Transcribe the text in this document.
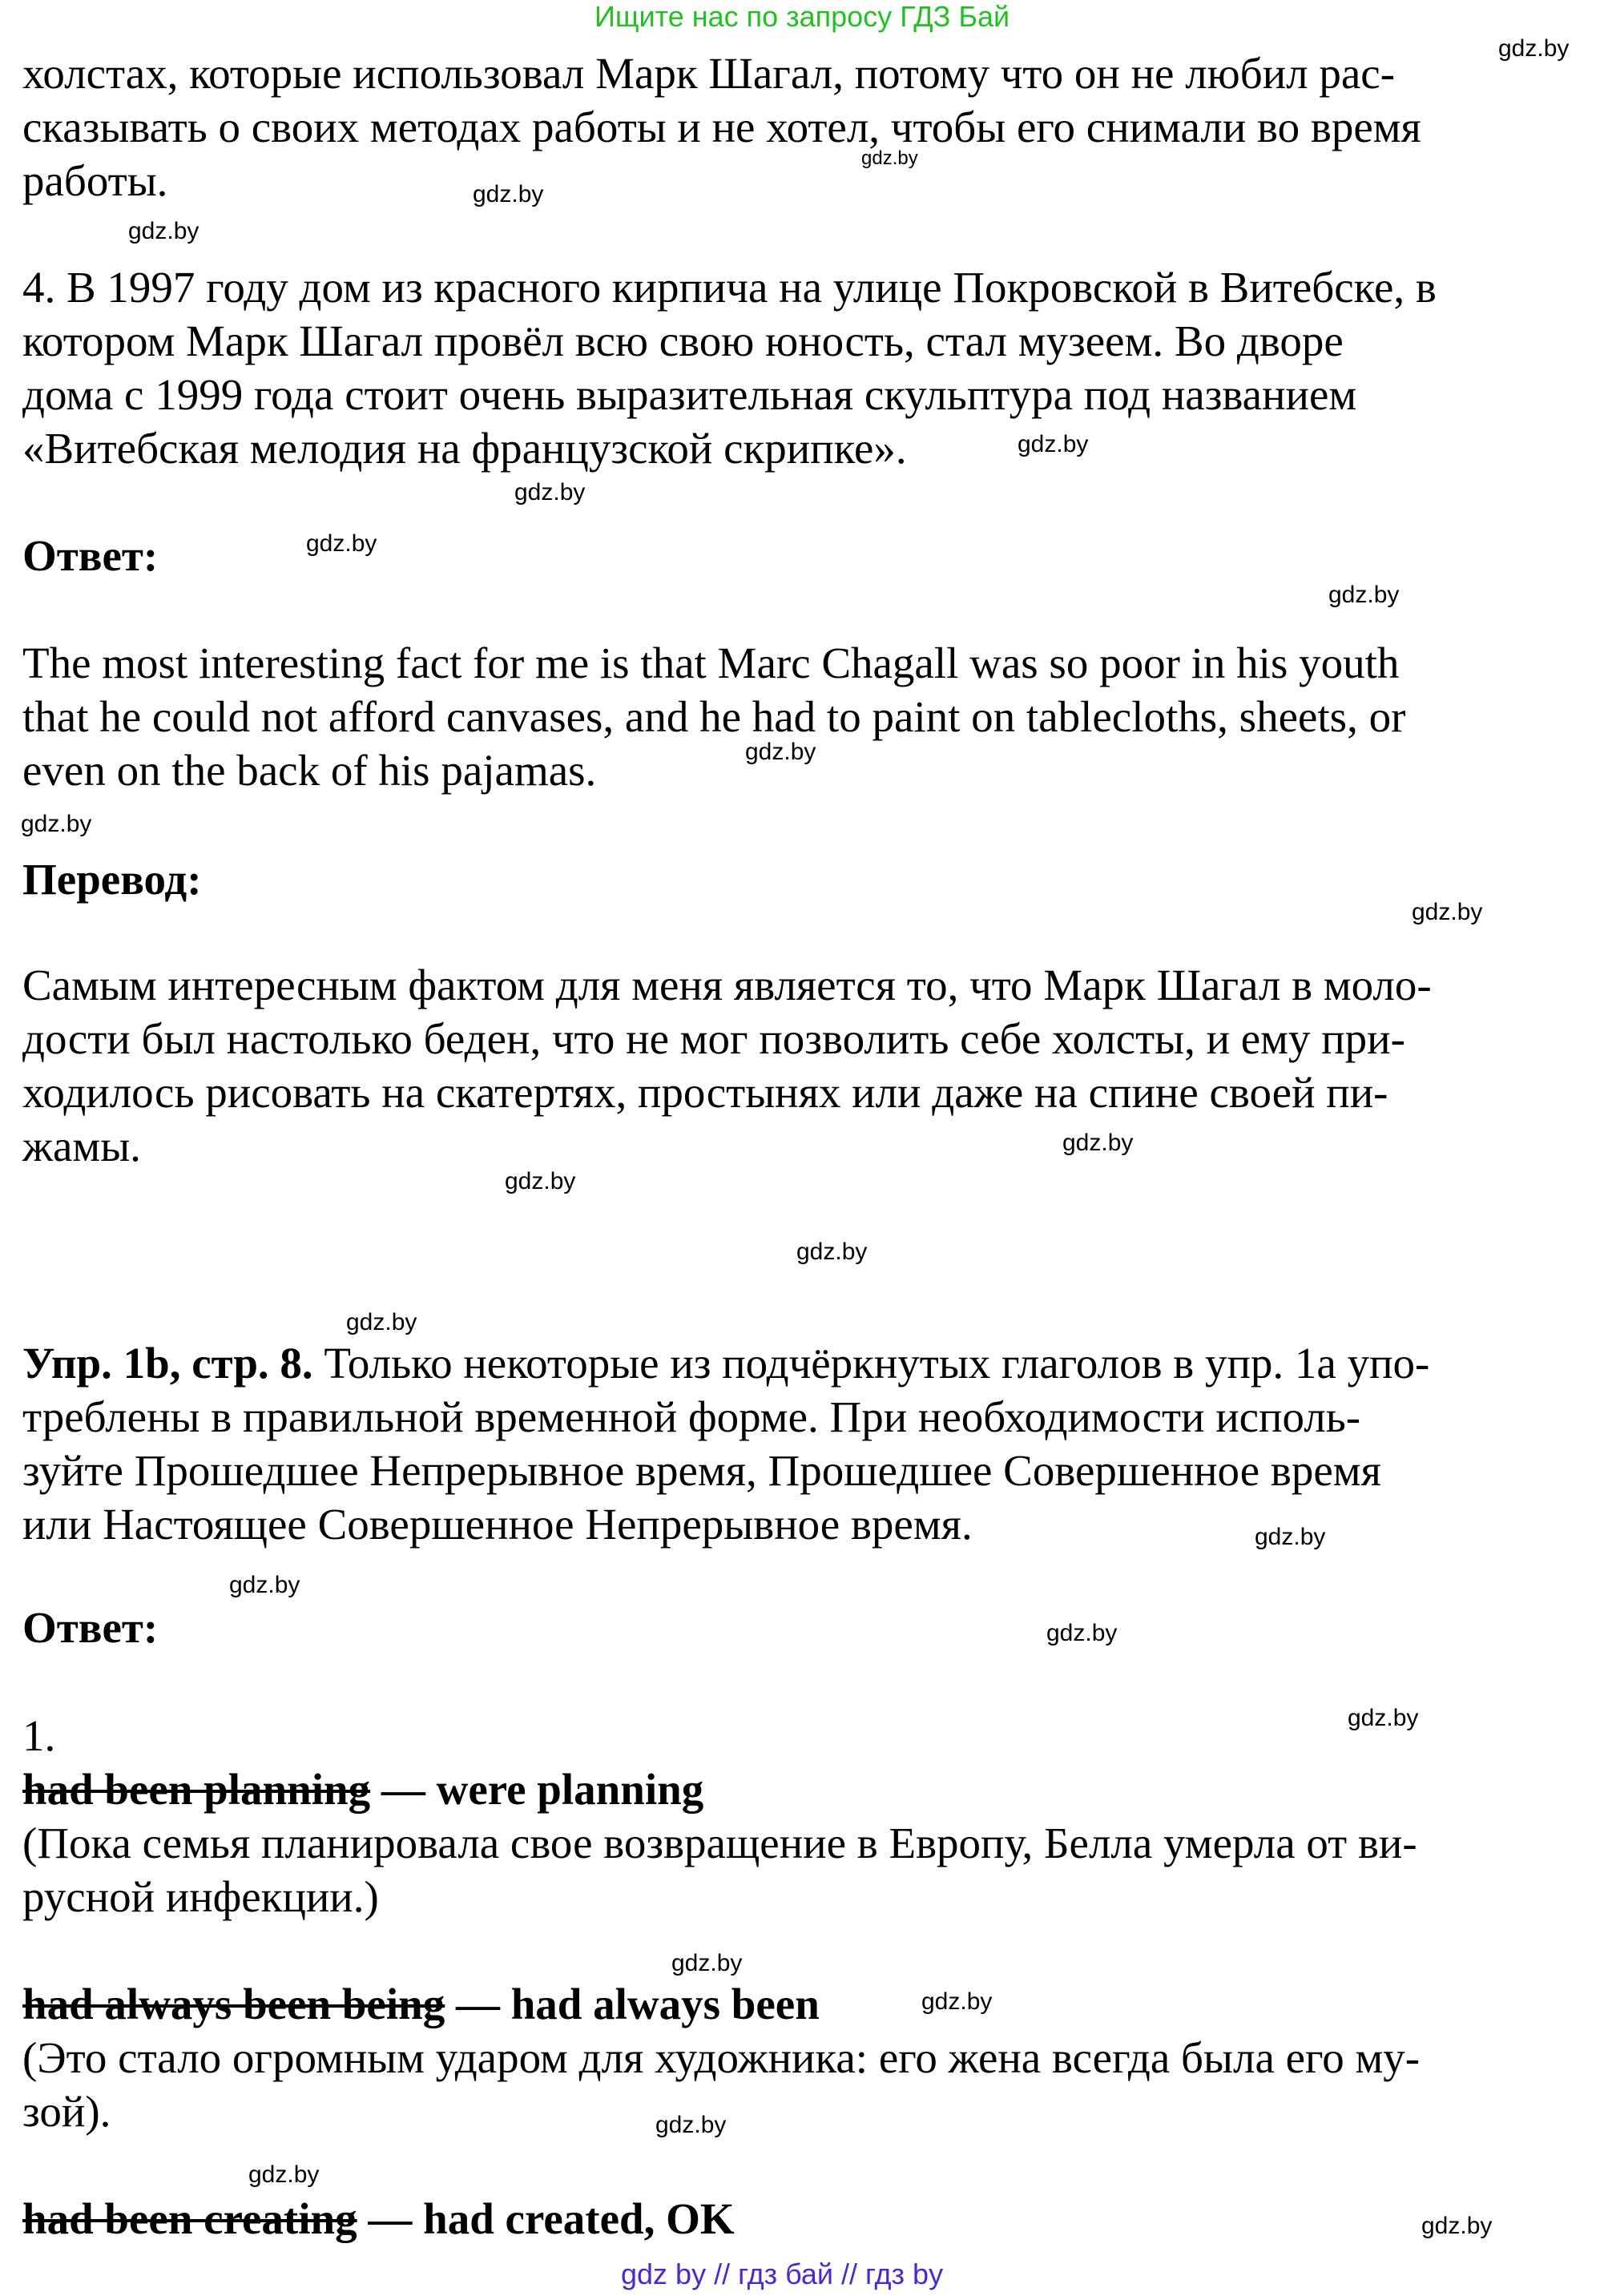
Ищите нас по запросу ГДЗ Бай
холстах, которые использовал Марк Шагал, потому что он не любил рас-
сказывать о своих методах работы и не хотел, чтобы его снимали во время
работы.
4. В 1997 году дом из красного кирпича на улице Покровской в Витебске, в
котором Марк Шагал провёл всю свою юность, стал музеем. Во дворе
дома с 1999 года стоит очень выразительная скульптура под названием
«Витебская мелодия на французской скрипке».
Ответ:
The most interesting fact for me is that Marc Chagall was so poor in his youth
that he could not afford canvases, and he had to paint on tablecloths, sheets, or
even on the back of his pajamas.
Перевод:
Самым интересным фактом для меня является то, что Марк Шагал в моло-
дости был настолько беден, что не мог позволить себе холсты, и ему при-
ходилось рисовать на скатертях, простынях или даже на спине своей пи-
жамы.
Упр. 1b, стр. 8. Только некоторые из подчёркнутых глаголов в упр. 1а упо-
треблены в правильной временной форме. При необходимости исполь-
зуйте Прошедшее Непрерывное время, Прошедшее Совершенное время
или Настоящее Совершенное Непрерывное время.
Ответ:
1.
had been planning — were planning
(Пока семья планировала свое возвращение в Европу, Белла умерла от ви-
русной инфекции.)
had always been being — had always been
(Это стало огромным ударом для художника: его жена всегда была его му-
зой).
had been creating — had created, OK
gdz.by
gdz.by
gdz.by
gdz.by
gdz.by
gdz.by
gdz.by
gdz.by
gdz.by
gdz.by
gdz.by
gdz.by
gdz.by
gdz.by
gdz.by
gdz.by
gdz.by
gdz.by
gdz.by
gdz.by
gdz.by
gdz.by
gdz.by
gdz.by
gdz by // гдз бай // гдз by
